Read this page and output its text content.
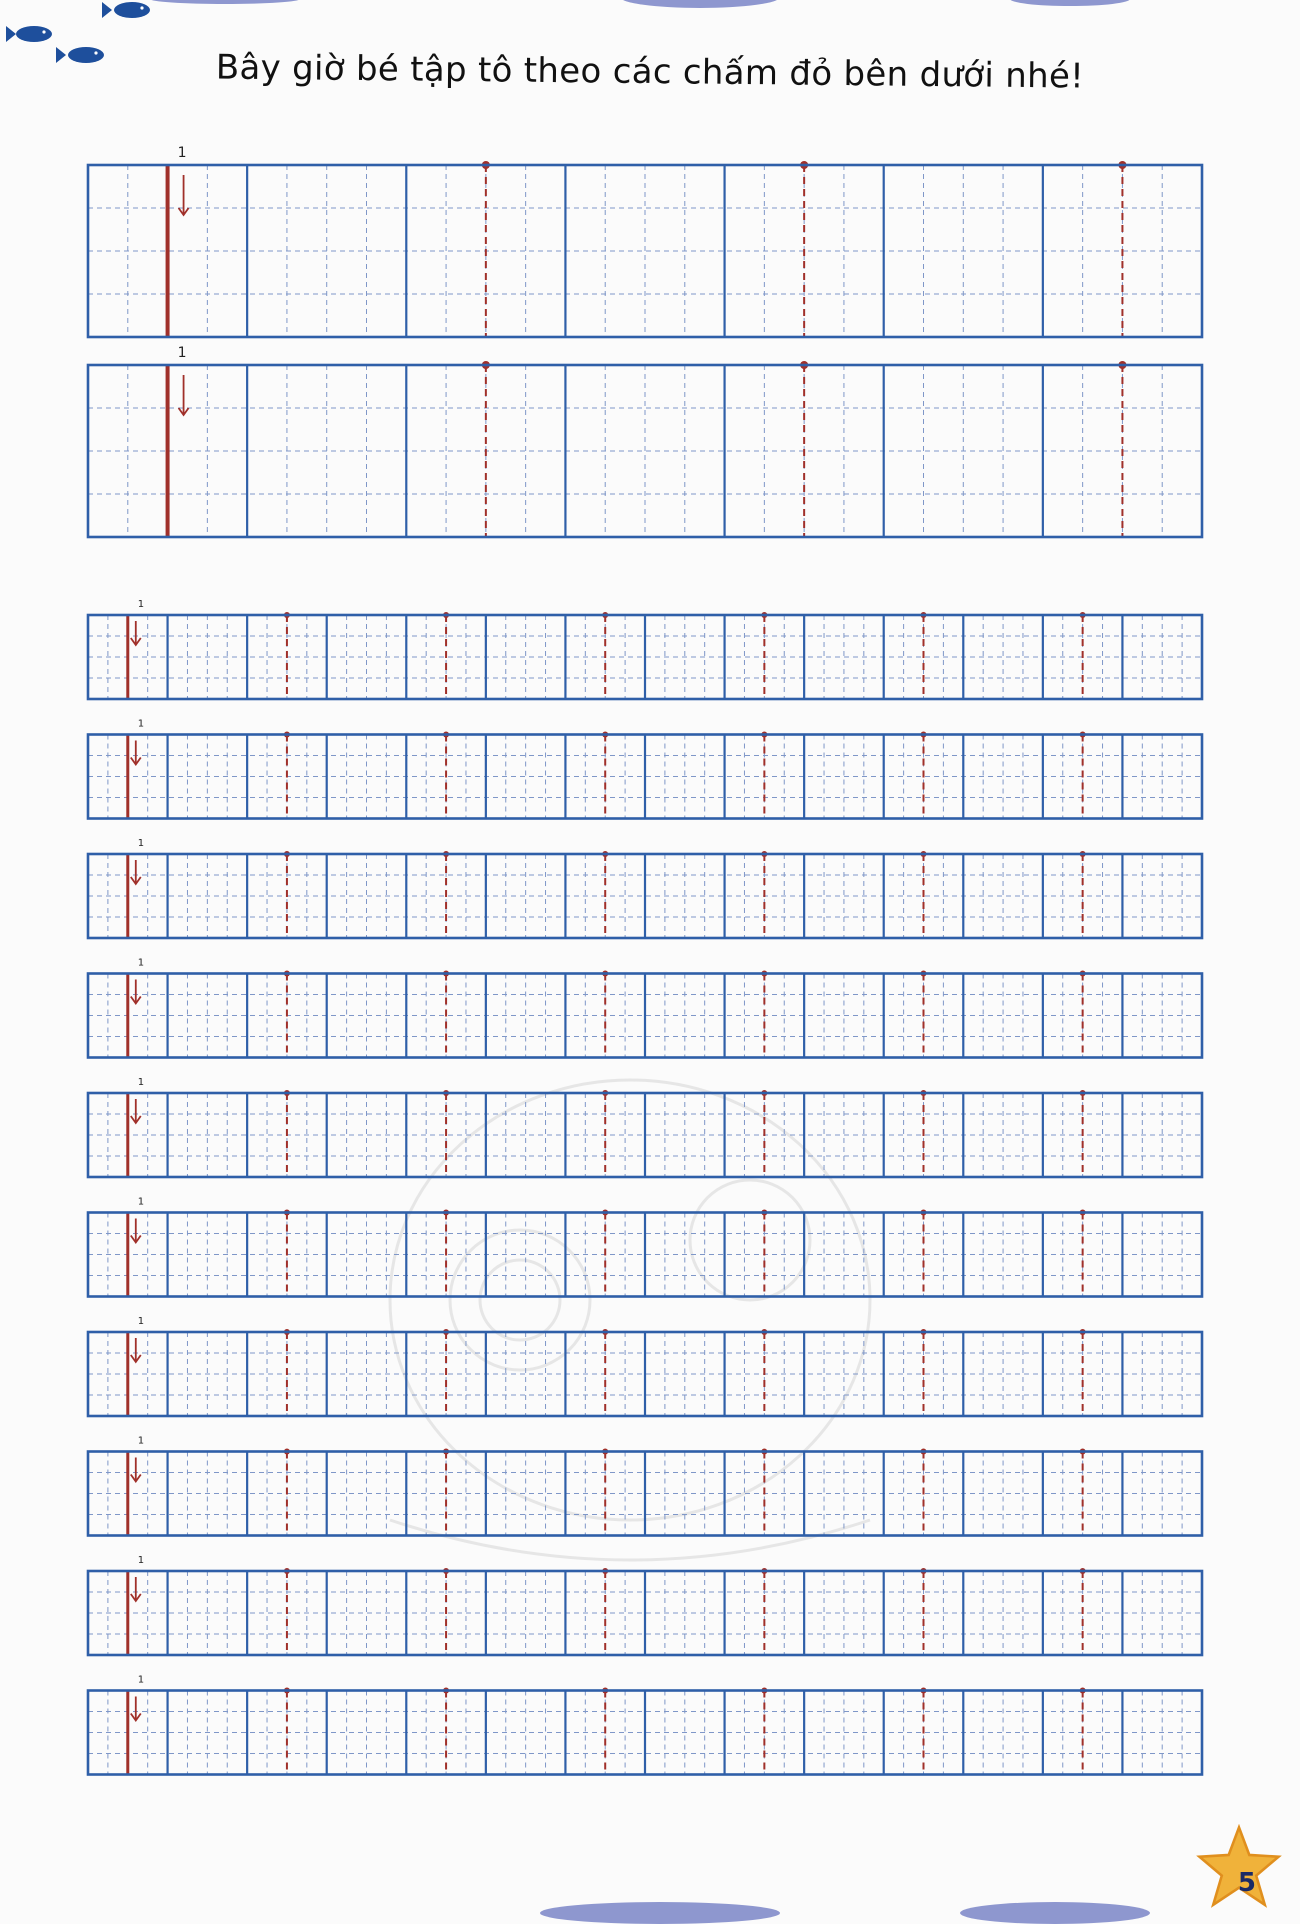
Bây giờ bé tập tô theo các chấm đỏ bên dưới nhé!
1
1
1
1
1
1
1
1
1
1
1
1
5
